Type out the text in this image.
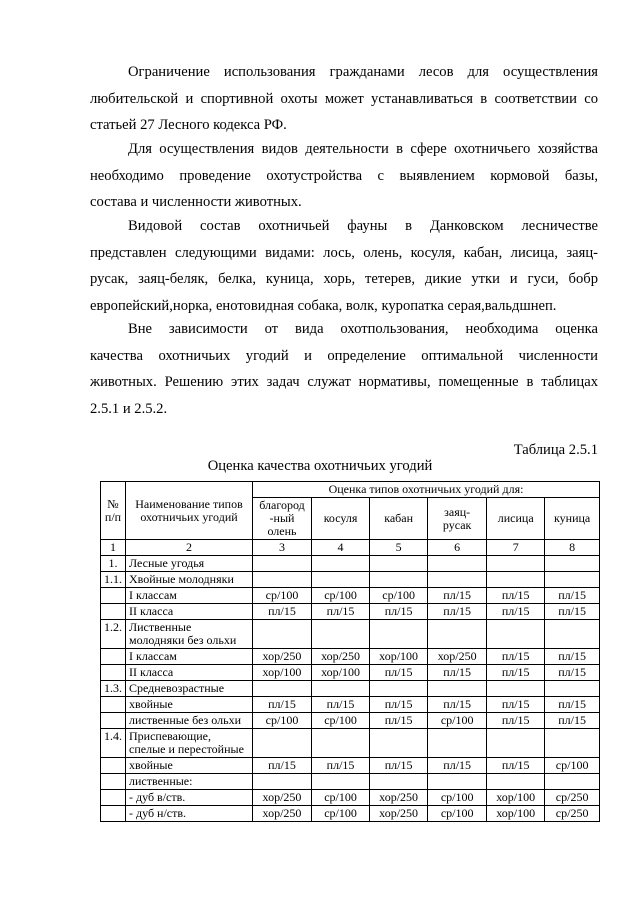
Ограничение использования гражданами лесов для осуществления
любительской и спортивной охоты может устанавливаться в соответствии со
статьей 27 Лесного кодекса РФ.

Для осуществления видов деятельности в сфере охотничьего хозяйства
необходимо проведение охотустройства с выявлением кормовой базы,
состава и численности животных.

Видовой состав охотничьей фауны в Данковском лесничестве
представлен следующими видами: лось, олень, косуля, кабан, лисица, заяц-
русак, заяц-беляк, белка, куница, хорь, тетерев, дикие утки и гуси, бобр
европейский,норка, енотовидная собака, волк, куропатка серая,вальдшнеп.

Вне зависимости от вида охотпользования, необходима оценка
качества охотничьих угодий и определение оптимальной численности
животных. Решению этих задач служат нормативы, помещенные в таблицах
2.5.1 и 2.5.2.

Таблица 2.5.1
Оценка качества охотничьих угодий
№ п/п	Наименование типов охотничьих угодий	Оценка типов охотничьих угодий для:					
		благород -ный олень	косуля	кабан	заяц- русак	лисица	куница
1	2	3	4	5	6	7	8
1.	Лесные угодья						
1.1.	Хвойные молодняки						
	I классам	ср/100	ср/100	ср/100	пл/15	пл/15	пл/15
	II класса	пл/15	пл/15	пл/15	пл/15	пл/15	пл/15
1.2.	Лиственные молодняки без ольхи						
	I классам	хор/250	хор/250	хор/100	хор/250	пл/15	пл/15
	II класса	хор/100	хор/100	пл/15	пл/15	пл/15	пл/15
1.3.	Средневозрастные						
	хвойные	пл/15	пл/15	пл/15	пл/15	пл/15	пл/15
	лиственные без ольхи	ср/100	ср/100	пл/15	ср/100	пл/15	пл/15
1.4.	Приспевающие, спелые и перестойные						
	хвойные	пл/15	пл/15	пл/15	пл/15	пл/15	ср/100
	лиственные:						
	- дуб в/ств.	хор/250	ср/100	хор/250	ср/100	хор/100	ср/250
	- дуб н/ств.	хор/250	ср/100	хор/250	ср/100	хор/100	ср/250
